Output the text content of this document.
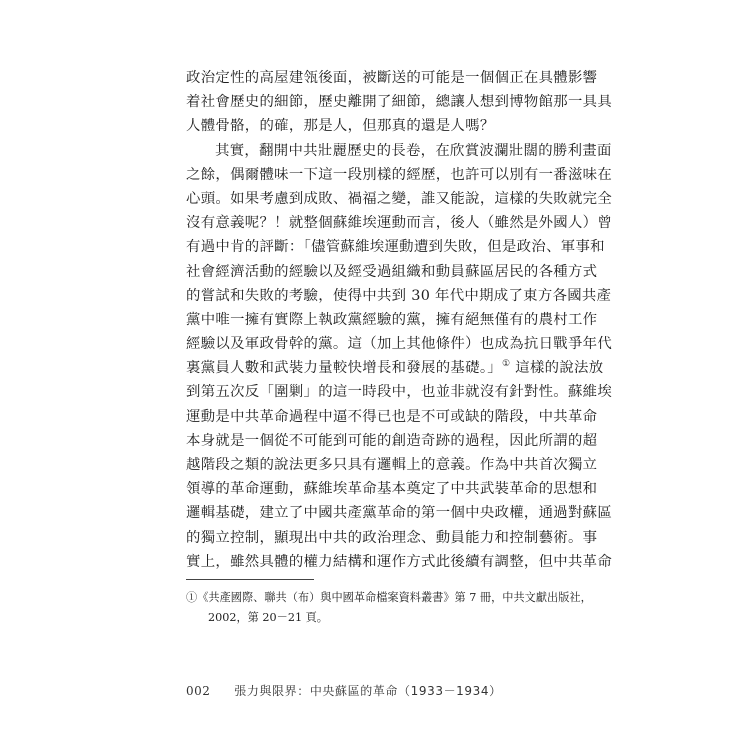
政治定性的高屋建瓴後面，被斷送的可能是一個個正在具體影響
着社會歷史的細節，歷史離開了細節，總讓人想到博物館那一具具
人體骨骼，的確，那是人，但那真的還是人嗎？
其實，翻開中共壯麗歷史的長卷，在欣賞波瀾壯闊的勝利畫面
之餘，偶爾體味一下這一段別樣的經歷，也許可以別有一番滋味在
心頭。如果考慮到成敗、禍福之變，誰又能說，這樣的失敗就完全
沒有意義呢？！就整個蘇維埃運動而言，後人（雖然是外國人）曾
有過中肯的評斷：「儘管蘇維埃運動遭到失敗，但是政治、軍事和
社會經濟活動的經驗以及經受過組織和動員蘇區居民的各種方式
的嘗試和失敗的考驗，使得中共到 30 年代中期成了東方各國共產
黨中唯一擁有實際上執政黨經驗的黨，擁有絕無僅有的農村工作
經驗以及軍政骨幹的黨。這（加上其他條件）也成為抗日戰爭年代
裏黨員人數和武裝力量較快增長和發展的基礎。」① 這樣的說法放
到第五次反「圍剿」的這一時段中，也並非就沒有針對性。蘇維埃
運動是中共革命過程中逼不得已也是不可或缺的階段，中共革命
本身就是一個從不可能到可能的創造奇跡的過程，因此所謂的超
越階段之類的說法更多只具有邏輯上的意義。作為中共首次獨立
領導的革命運動，蘇維埃革命基本奠定了中共武裝革命的思想和
邏輯基礎，建立了中國共產黨革命的第一個中央政權，通過對蘇區
的獨立控制，顯現出中共的政治理念、動員能力和控制藝術。事
實上，雖然具體的權力結構和運作方式此後續有調整，但中共革命
①《共產國際、聯共（布）與中國革命檔案資料叢書》第 7 冊，中共文獻出版社，
2002，第 20－21 頁。
002 張力與限界：中央蘇區的革命（1933－1934）
